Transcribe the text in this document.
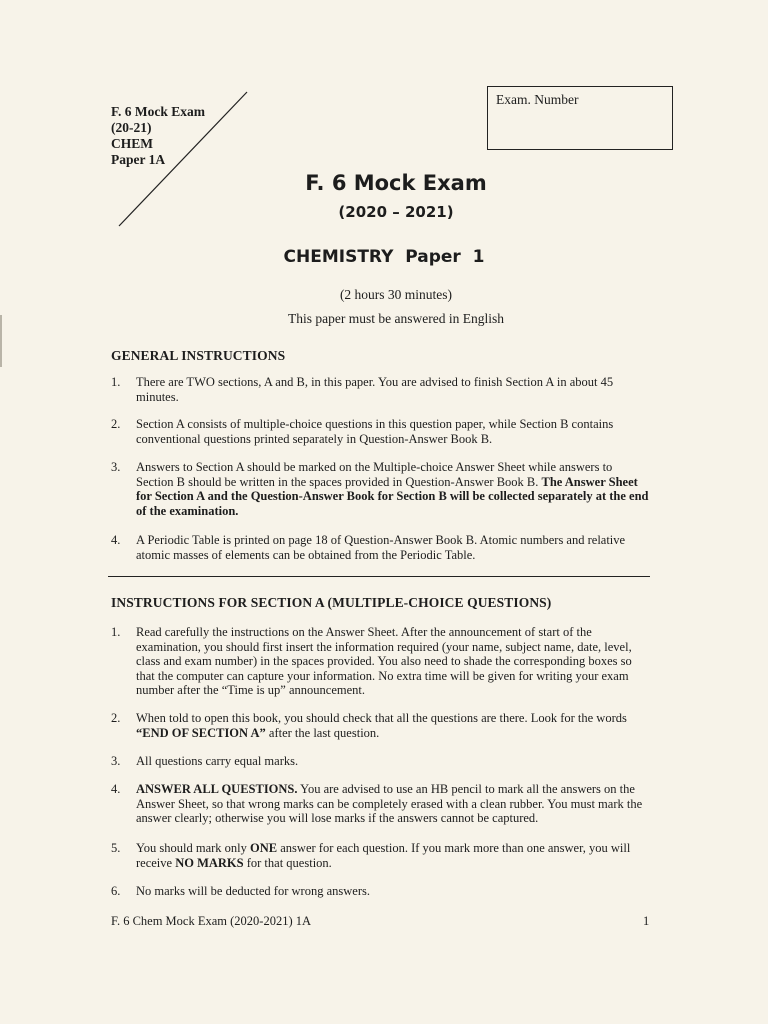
F. 6 Mock Exam
(20-21)
CHEM
Paper 1A
Exam. Number
F. 6 Mock Exam
(2020 – 2021)
CHEMISTRY  Paper  1
(2 hours 30 minutes)
This paper must be answered in English
GENERAL INSTRUCTIONS
1. There are TWO sections, A and B, in this paper. You are advised to finish Section A in about 45 minutes.
2. Section A consists of multiple-choice questions in this question paper, while Section B contains conventional questions printed separately in Question-Answer Book B.
3. Answers to Section A should be marked on the Multiple-choice Answer Sheet while answers to Section B should be written in the spaces provided in Question-Answer Book B. The Answer Sheet for Section A and the Question-Answer Book for Section B will be collected separately at the end of the examination.
4. A Periodic Table is printed on page 18 of Question-Answer Book B. Atomic numbers and relative atomic masses of elements can be obtained from the Periodic Table.
INSTRUCTIONS FOR SECTION A (MULTIPLE-CHOICE QUESTIONS)
1. Read carefully the instructions on the Answer Sheet. After the announcement of start of the examination, you should first insert the information required (your name, subject name, date, level, class and exam number) in the spaces provided. You also need to shade the corresponding boxes so that the computer can capture your information. No extra time will be given for writing your exam number after the “Time is up” announcement.
2. When told to open this book, you should check that all the questions are there. Look for the words “END OF SECTION A” after the last question.
3. All questions carry equal marks.
4. ANSWER ALL QUESTIONS. You are advised to use an HB pencil to mark all the answers on the Answer Sheet, so that wrong marks can be completely erased with a clean rubber. You must mark the answer clearly; otherwise you will lose marks if the answers cannot be captured.
5. You should mark only ONE answer for each question. If you mark more than one answer, you will receive NO MARKS for that question.
6. No marks will be deducted for wrong answers.
F. 6 Chem Mock Exam (2020-2021) 1A	1
